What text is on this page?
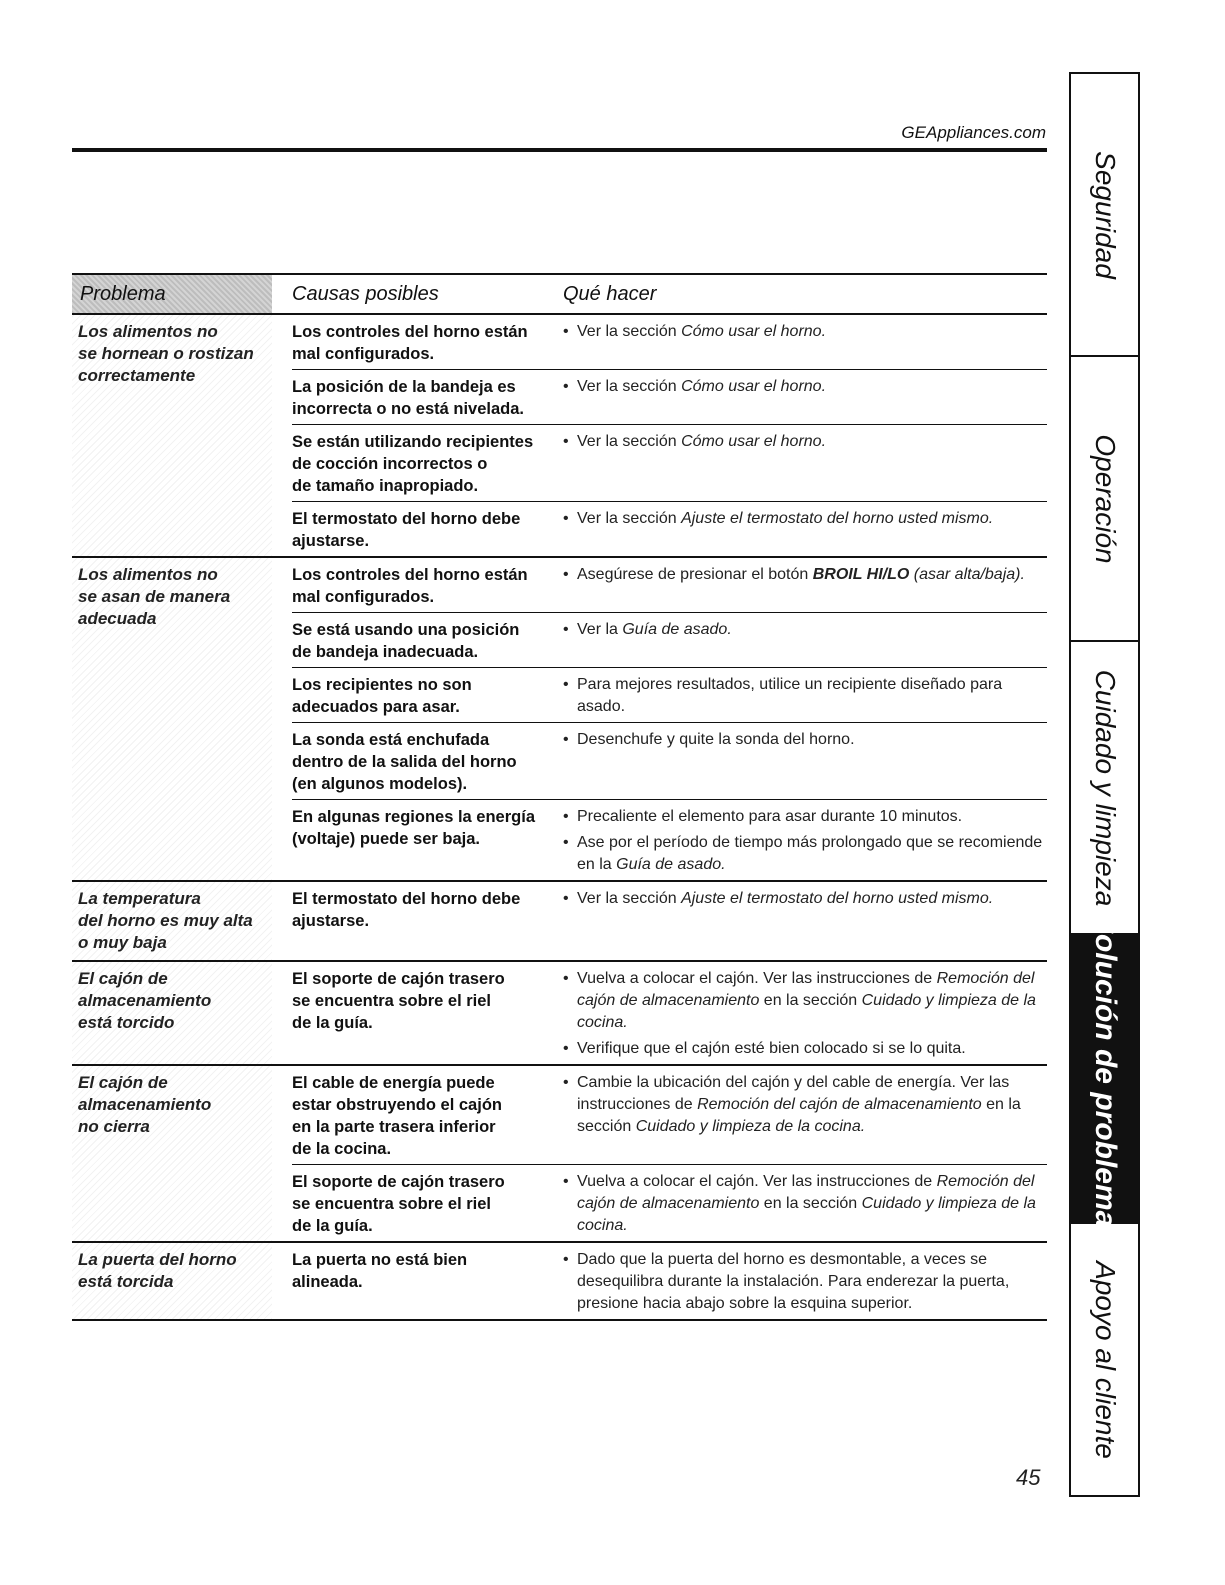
GEAppliances.com
Problema	Causas posibles	Qué hacer
Los alimentos no
se hornean o rostizan
correctamente
Los controles del horno están
mal configurados.
• Ver la sección Cómo usar el horno.
La posición de la bandeja es
incorrecta o no está nivelada.
• Ver la sección Cómo usar el horno.
Se están utilizando recipientes
de cocción incorrectos o
de tamaño inapropiado.
• Ver la sección Cómo usar el horno.
El termostato del horno debe
ajustarse.
• Ver la sección Ajuste el termostato del horno usted mismo.
Los alimentos no
se asan de manera
adecuada
Los controles del horno están
mal configurados.
• Asegúrese de presionar el botón BROIL HI/LO (asar alta/baja).
Se está usando una posición
de bandeja inadecuada.
• Ver la Guía de asado.
Los recipientes no son
adecuados para asar.
• Para mejores resultados, utilice un recipiente diseñado para asado.
La sonda está enchufada
dentro de la salida del horno
(en algunos modelos).
• Desenchufe y quite la sonda del horno.
En algunas regiones la energía
(voltaje) puede ser baja.
• Precaliente el elemento para asar durante 10 minutos.
• Ase por el período de tiempo más prolongado que se recomiende en la Guía de asado.
La temperatura
del horno es muy alta
o muy baja
El termostato del horno debe
ajustarse.
• Ver la sección Ajuste el termostato del horno usted mismo.
El cajón de
almacenamiento
está torcido
El soporte de cajón trasero
se encuentra sobre el riel
de la guía.
• Vuelva a colocar el cajón. Ver las instrucciones de Remoción del cajón de almacenamiento en la sección Cuidado y limpieza de la cocina.
• Verifique que el cajón esté bien colocado si se lo quita.
El cajón de
almacenamiento
no cierra
El cable de energía puede
estar obstruyendo el cajón
en la parte trasera inferior
de la cocina.
• Cambie la ubicación del cajón y del cable de energía. Ver las instrucciones de Remoción del cajón de almacenamiento en la sección Cuidado y limpieza de la cocina.
El soporte de cajón trasero
se encuentra sobre el riel
de la guía.
• Vuelva a colocar el cajón. Ver las instrucciones de Remoción del cajón de almacenamiento en la sección Cuidado y limpieza de la cocina.
La puerta del horno
está torcida
La puerta no está bien
alineada.
• Dado que la puerta del horno es desmontable, a veces se desequilibra durante la instalación. Para enderezar la puerta, presione hacia abajo sobre la esquina superior.
45
Seguridad
Operación
Cuidado y limpieza
Solución de problemas
Apoyo al cliente
